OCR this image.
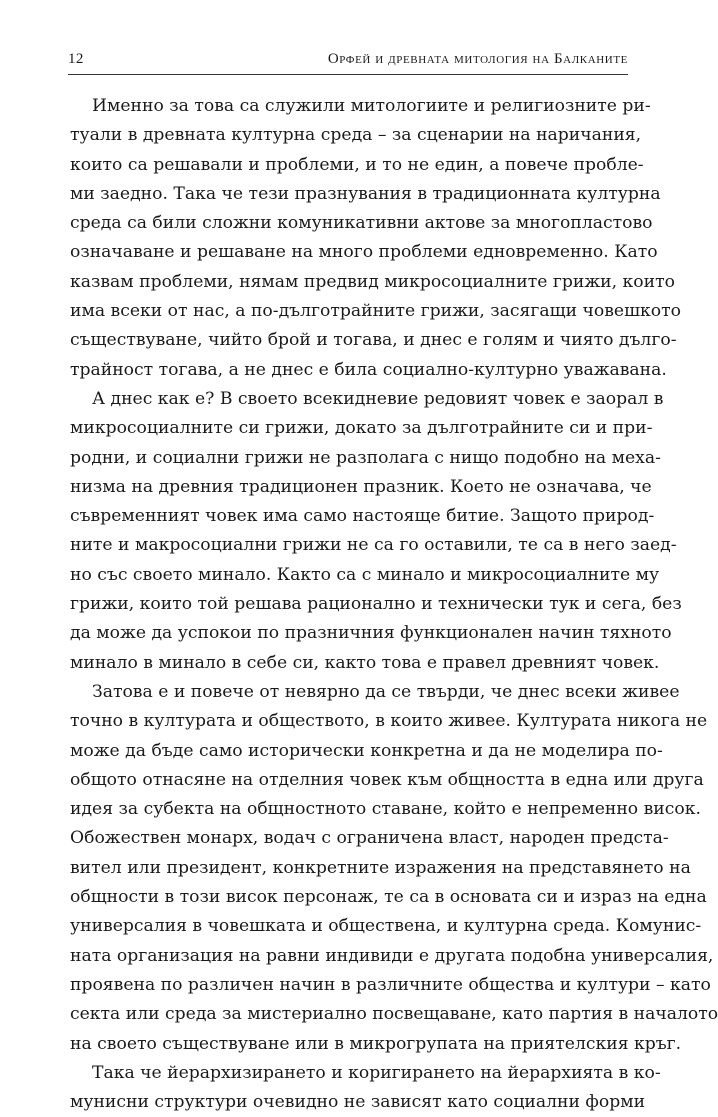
12	Орфей и древната митология на Балканите
Именно за това са служили митологиите и религиозните ри-
туали в древната културна среда – за сценарии на наричания,
които са решавали и проблеми, и то не един, а повече пробле-
ми заедно. Така че тези празнувания в традиционната културна
среда са били сложни комуникативни актове за многопластово
означаване и решаване на много проблеми едновременно. Като
казвам проблеми, нямам предвид микросоциалните грижи, които
има всеки от нас, а по-дълготрайните грижи, засягащи човешкото
съществуване, чийто брой и тогава, и днес е голям и чиято дълго-
трайност тогава, а не днес е била социално-културно уважавана.
А днес как е? В своето всекидневие редовият човек е заорал в
микросоциалните си грижи, докато за дълготрайните си и при-
родни, и социални грижи не разполага с нищо подобно на меха-
низма на древния традиционен празник. Което не означава, че
съвременният човек има само настояще битие. Защото природ-
ните и макросоциални грижи не са го оставили, те са в него заед-
но със своето минало. Както са с минало и микросоциалните му
грижи, които той решава рационално и технически тук и сега, без
да може да успокои по празничния функционален начин тяхното
минало в минало в себе си, както това е правел древният човек.
Затова е и повече от невярно да се твърди, че днес всеки живее
точно в културата и обществото, в които живее. Културата никога не
може да бъде само исторически конкретна и да не моделира по-
общото отнасяне на отделния човек към общността в една или друга
идея за субекта на общностното ставане, който е непременно висок.
Обожествен монарх, водач с ограничена власт, народен предста-
вител или президент, конкретните изражения на представянето на
общности в този висок персонаж, те са в основата си и израз на една
универсалия в човешката и обществена, и културна среда. Комунис-
ната организация на равни индивиди е другата подобна универсалия,
проявена по различен начин в различните общества и култури – като
секта или среда за мистериално посвещаване, като партия в началото
на своето съществуване или в микрогрупата на приятелския кръг.
Така че йерархизирането и коригирането на йерархията в ко-
мунисни структури очевидно не зависят като социални форми
